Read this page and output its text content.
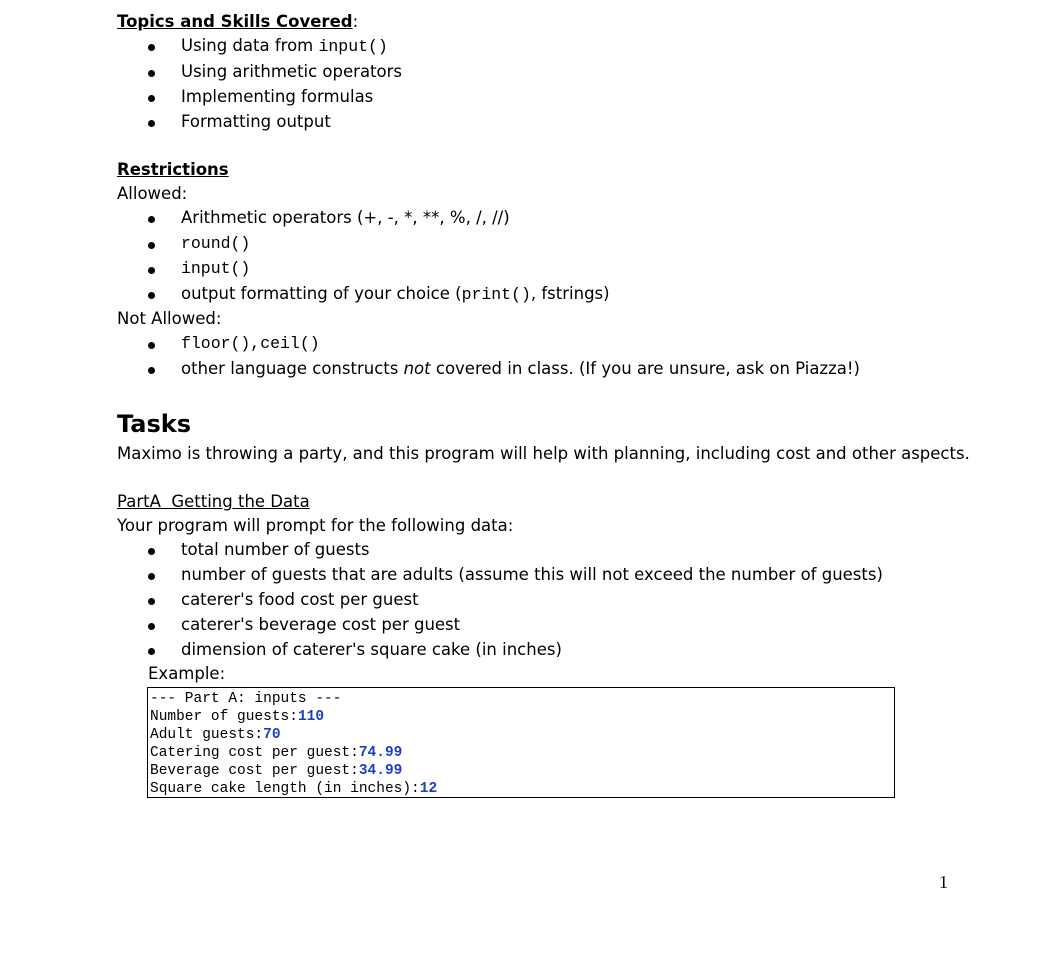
Topics and Skills Covered:
Using data from input()
Using arithmetic operators
Implementing formulas
Formatting output
Restrictions
Allowed:
Arithmetic operators (+, -, *, **, %, /, //)
round()
input()
output formatting of your choice (print(), fstrings)
Not Allowed:
floor(),ceil()
other language constructs not covered in class. (If you are unsure, ask on Piazza!)
Tasks
Maximo is throwing a party, and this program will help with planning, including cost and other aspects.
PartA  Getting the Data
Your program will prompt for the following data:
total number of guests
number of guests that are adults (assume this will not exceed the number of guests)
caterer's food cost per guest
caterer's beverage cost per guest
dimension of caterer's square cake (in inches)
Example:
--- Part A: inputs ---
Number of guests:110
Adult guests:70
Catering cost per guest:74.99
Beverage cost per guest:34.99
Square cake length (in inches):12
1
